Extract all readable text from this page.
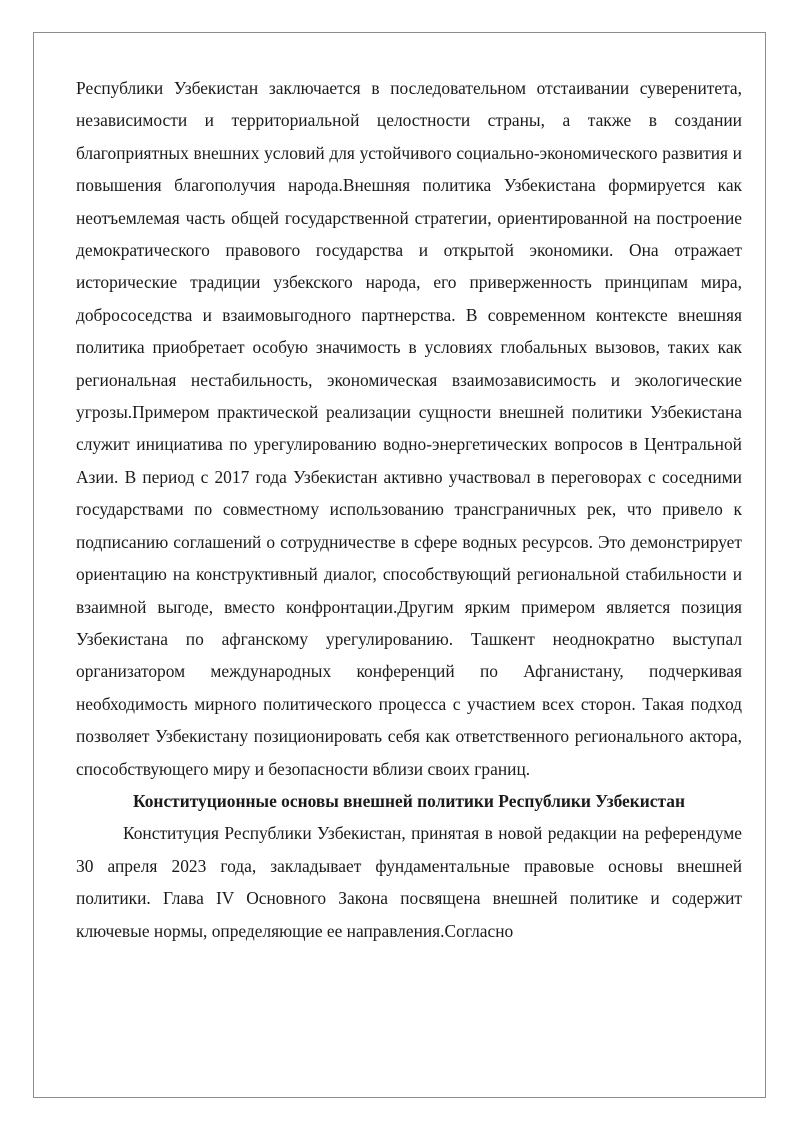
Республики Узбекистан заключается в последовательном отстаивании суверенитета, независимости и территориальной целостности страны, а также в создании благоприятных внешних условий для устойчивого социально-экономического развития и повышения благополучия народа.Внешняя политика Узбекистана формируется как неотъемлемая часть общей государственной стратегии, ориентированной на построение демократического правового государства и открытой экономики. Она отражает исторические традиции узбекского народа, его приверженность принципам мира, добрососедства и взаимовыгодного партнерства. В современном контексте внешняя политика приобретает особую значимость в условиях глобальных вызовов, таких как региональная нестабильность, экономическая взаимозависимость и экологические угрозы.Примером практической реализации сущности внешней политики Узбекистана служит инициатива по урегулированию водно-энергетических вопросов в Центральной Азии. В период с 2017 года Узбекистан активно участвовал в переговорах с соседними государствами по совместному использованию трансграничных рек, что привело к подписанию соглашений о сотрудничестве в сфере водных ресурсов. Это демонстрирует ориентацию на конструктивный диалог, способствующий региональной стабильности и взаимной выгоде, вместо конфронтации.Другим ярким примером является позиция Узбекистана по афганскому урегулированию. Ташкент неоднократно выступал организатором международных конференций по Афганистану, подчеркивая необходимость мирного политического процесса с участием всех сторон. Такая подход позволяет Узбекистану позиционировать себя как ответственного регионального актора, способствующего миру и безопасности вблизи своих границ.

Конституционные основы внешней политики Республики Узбекистан

Конституция Республики Узбекистан, принятая в новой редакции на референдуме 30 апреля 2023 года, закладывает фундаментальные правовые основы внешней политики. Глава IV Основного Закона посвящена внешней политике и содержит ключевые нормы, определяющие ее направления.Согласно
